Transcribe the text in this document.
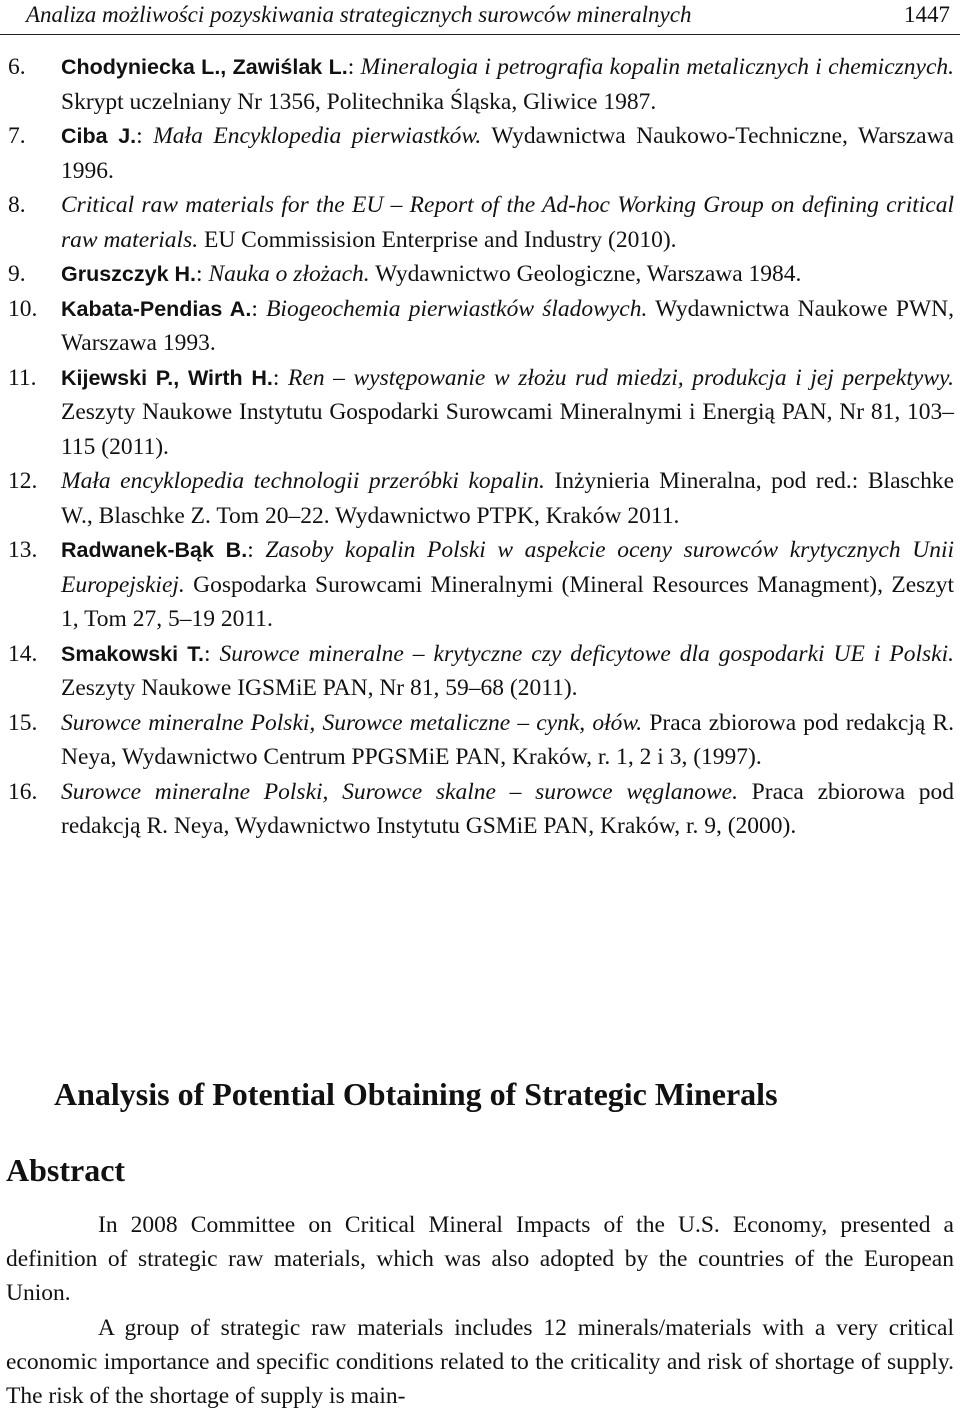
Analiza możliwości pozyskiwania strategicznych surowców mineralnych	1447
6. Chodyniecka L., Zawiślak L.: Mineralogia i petrografia kopalin metalicznych i chemicznych. Skrypt uczelniany Nr 1356, Politechnika Śląska, Gliwice 1987.
7. Ciba J.: Mała Encyklopedia pierwiastków. Wydawnictwa Naukowo-Techniczne, Warszawa 1996.
8. Critical raw materials for the EU – Report of the Ad-hoc Working Group on defining critical raw materials. EU Commissision Enterprise and Industry (2010).
9. Gruszczyk H.: Nauka o złożach. Wydawnictwo Geologiczne, Warszawa 1984.
10. Kabata-Pendias A.: Biogeochemia pierwiastków śladowych. Wydawnictwa Naukowe PWN, Warszawa 1993.
11. Kijewski P., Wirth H.: Ren – występowanie w złożu rud miedzi, produkcja i jej perpektywy. Zeszyty Naukowe Instytutu Gospodarki Surowcami Mineralnymi i Energią PAN, Nr 81, 103–115 (2011).
12. Mała encyklopedia technologii przeróbki kopalin. Inżynieria Mineralna, pod red.: Blaschke W., Blaschke Z. Tom 20–22. Wydawnictwo PTPK, Kraków 2011.
13. Radwanek-Bąk B.: Zasoby kopalin Polski w aspekcie oceny surowców krytycznych Unii Europejskiej. Gospodarka Surowcami Mineralnymi (Mineral Resources Managment), Zeszyt 1, Tom 27, 5–19 2011.
14. Smakowski T.: Surowce mineralne – krytyczne czy deficytowe dla gospodarki UE i Polski. Zeszyty Naukowe IGSMiE PAN, Nr 81, 59–68 (2011).
15. Surowce mineralne Polski, Surowce metaliczne – cynk, ołów. Praca zbiorowa pod redakcją R. Neya, Wydawnictwo Centrum PPGSMiE PAN, Kraków, r. 1, 2 i 3, (1997).
16. Surowce mineralne Polski, Surowce skalne – surowce węglanowe. Praca zbiorowa pod redakcją R. Neya, Wydawnictwo Instytutu GSMiE PAN, Kraków, r. 9, (2000).
Analysis of Potential Obtaining of Strategic Minerals
Abstract

In 2008 Committee on Critical Mineral Impacts of the U.S. Economy, presented a definition of strategic raw materials, which was also adopted by the countries of the European Union.

A group of strategic raw materials includes 12 minerals/materials with a very critical economic importance and specific conditions related to the criticality and risk of shortage of supply. The risk of the shortage of supply is main-
